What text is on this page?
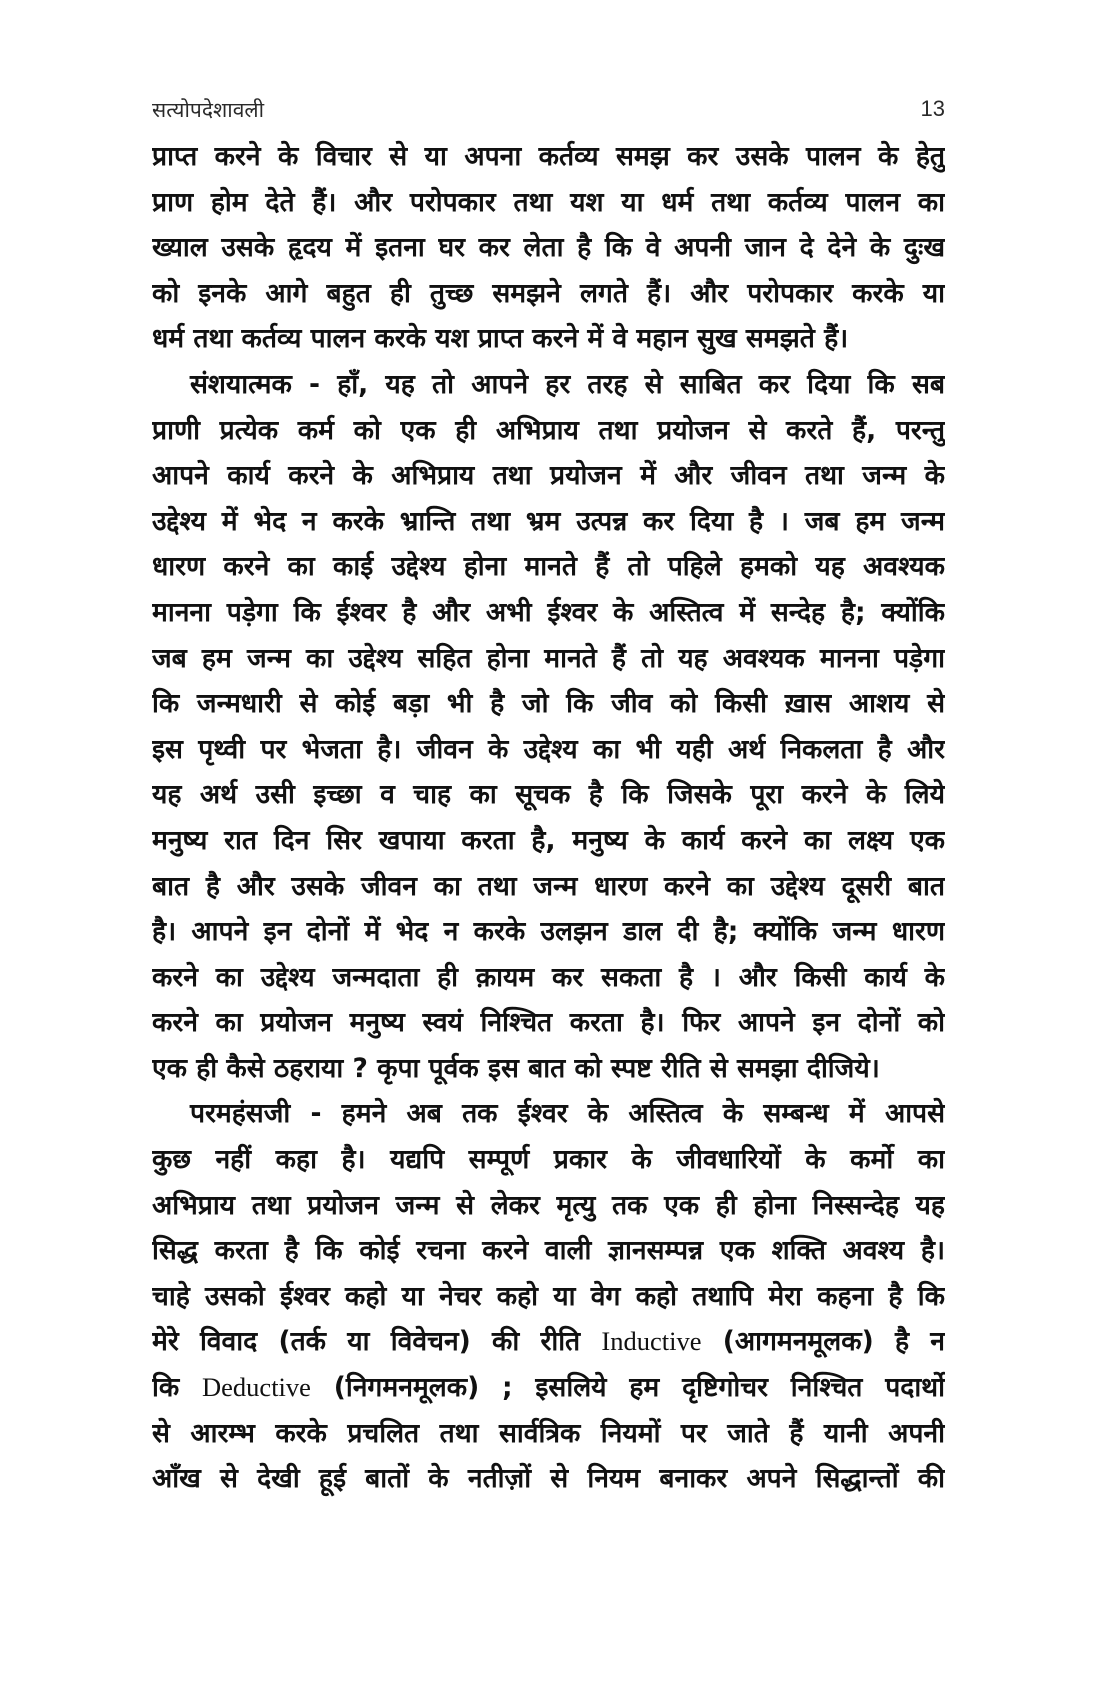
सत्योपदेशावली	13
प्राप्त करने के विचार से या अपना कर्तव्य समझ कर उसके पालन के हेतु
प्राण होम देते हैं। और परोपकार तथा यश या धर्म तथा कर्तव्य पालन का
ख्याल उसके हृदय में इतना घर कर लेता है कि वे अपनी जान दे देने के दुःख
को इनके आगे बहुत ही तुच्छ समझने लगते हैं। और परोपकार करके या
धर्म तथा कर्तव्य पालन करके यश प्राप्त करने में वे महान सुख समझते हैं।
संशयात्मक - हाँ, यह तो आपने हर तरह से साबित कर दिया कि सब
प्राणी प्रत्येक कर्म को एक ही अभिप्राय तथा प्रयोजन से करते हैं, परन्तु
आपने कार्य करने के अभिप्राय तथा प्रयोजन में और जीवन तथा जन्म के
उद्देश्य में भेद न करके भ्रान्ति तथा भ्रम उत्पन्न कर दिया है । जब हम जन्म
धारण करने का काई उद्देश्य होना मानते हैं तो पहिले हमको यह अवश्यक
मानना पड़ेगा कि ईश्वर है और अभी ईश्वर के अस्तित्व में सन्देह है; क्योंकि
जब हम जन्म का उद्देश्य सहित होना मानते हैं तो यह अवश्यक मानना पड़ेगा
कि जन्मधारी से कोई बड़ा भी है जो कि जीव को किसी ख़ास आशय से
इस पृथ्वी पर भेजता है। जीवन के उद्देश्य का भी यही अर्थ निकलता है और
यह अर्थ उसी इच्छा व चाह का सूचक है कि जिसके पूरा करने के लिये
मनुष्य रात दिन सिर खपाया करता है, मनुष्य के कार्य करने का लक्ष्य एक
बात है और उसके जीवन का तथा जन्म धारण करने का उद्देश्य दूसरी बात
है। आपने इन दोनों में भेद न करके उलझन डाल दी है; क्योंकि जन्म धारण
करने का उद्देश्य जन्मदाता ही क़ायम कर सकता है । और किसी कार्य के
करने का प्रयोजन मनुष्य स्वयं निश्चित करता है। फिर आपने इन दोनों को
एक ही कैसे ठहराया ? कृपा पूर्वक इस बात को स्पष्ट रीति से समझा दीजिये।
परमहंसजी - हमने अब तक ईश्वर के अस्तित्व के सम्बन्ध में आपसे
कुछ नहीं कहा है। यद्यपि सम्पूर्ण प्रकार के जीवधारियों के कर्मो का
अभिप्राय तथा प्रयोजन जन्म से लेकर मृत्यु तक एक ही होना निस्सन्देह यह
सिद्ध करता है कि कोई रचना करने वाली ज्ञानसम्पन्न एक शक्ति अवश्य है।
चाहे उसको ईश्वर कहो या नेचर कहो या वेग कहो तथापि मेरा कहना है कि
मेरे विवाद (तर्क या विवेचन) की रीति Inductive (आगमनमूलक) है न
कि Deductive (निगमनमूलक) ; इसलिये हम दृष्टिगोचर निश्चित पदार्थो
से आरम्भ करके प्रचलित तथा सार्वत्रिक नियमों पर जाते हैं यानी अपनी
आँख से देखी हूई बातों के नतीज़ों से नियम बनाकर अपने सिद्धान्तों की
